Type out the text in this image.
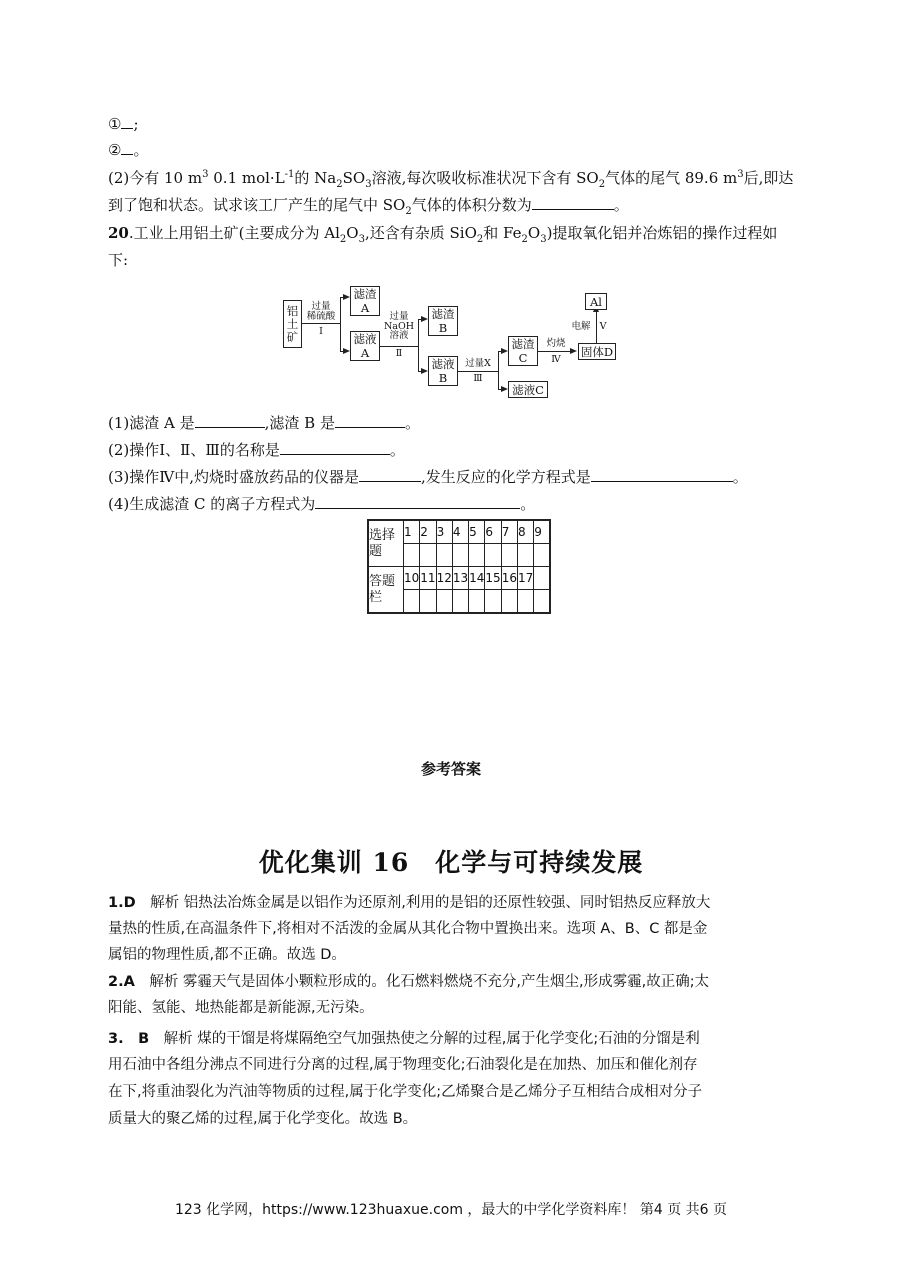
① ;
② 。
(2)今有 10 $m^3$ 0.1 $mol\cdot L^{-1}$的 $Na_2SO_3$溶液,每次吸收标准状况下含有 $SO_2$气体的尾气 89.6 $m^3$后,即达
到了饱和状态。试求该工厂产生的尾气中 $SO_2$气体的体积分数为	。
20.工业上用铝土矿(主要成分为 $Al_2O_3$,还含有杂质 SiO$_2$和 $Fe_2O_3$)提取氧化铝并冶炼铝的操作过程如
下:
铝
土
矿
过量
稀硫酸
Ⅰ
滤渣
A
滤液
A
过量
NaOH
溶液
Ⅱ
滤渣
B
滤液
B
过量X
Ⅲ
滤渣
C
滤液C
灼烧
Ⅳ
固体D
电解 Ⅴ
Al
(1)滤渣 A 是	,滤渣 B 是	。
(2)操作Ⅰ、Ⅱ、Ⅲ的名称是	。
(3)操作Ⅳ中,灼烧时盛放药品的仪器是	,发生反应的化学方程式是	。
(4)生成滤渣 C 的离子方程式为	。
选择
题	1	2	3	4	5	6	7	8	9

答题
栏	10	11	12	13	14	15	16	17	

参考答案
优化集训 16　化学与可持续发展
1.D　解析 铝热法冶炼金属是以铝作为还原剂,利用的是铝的还原性较强、同时铝热反应释放大
量热的性质,在高温条件下,将相对不活泼的金属从其化合物中置换出来。选项 A、B、C 都是金
属铝的物理性质,都不正确。故选 D。
2.A　解析 雾霾天气是固体小颗粒形成的。化石燃料燃烧不充分,产生烟尘,形成雾霾,故正确;太
阳能、氢能、地热能都是新能源,无污染。
3.　B　解析 煤的干馏是将煤隔绝空气加强热使之分解的过程,属于化学变化;石油的分馏是利
用石油中各组分沸点不同进行分离的过程,属于物理变化;石油裂化是在加热、加压和催化剂存
在下,将重油裂化为汽油等物质的过程,属于化学变化;乙烯聚合是乙烯分子互相结合成相对分子
质量大的聚乙烯的过程,属于化学变化。故选 B。
123 化学网，https://www.123huaxue.com ，最大的中学化学资料库！ 第4 页 共6 页
